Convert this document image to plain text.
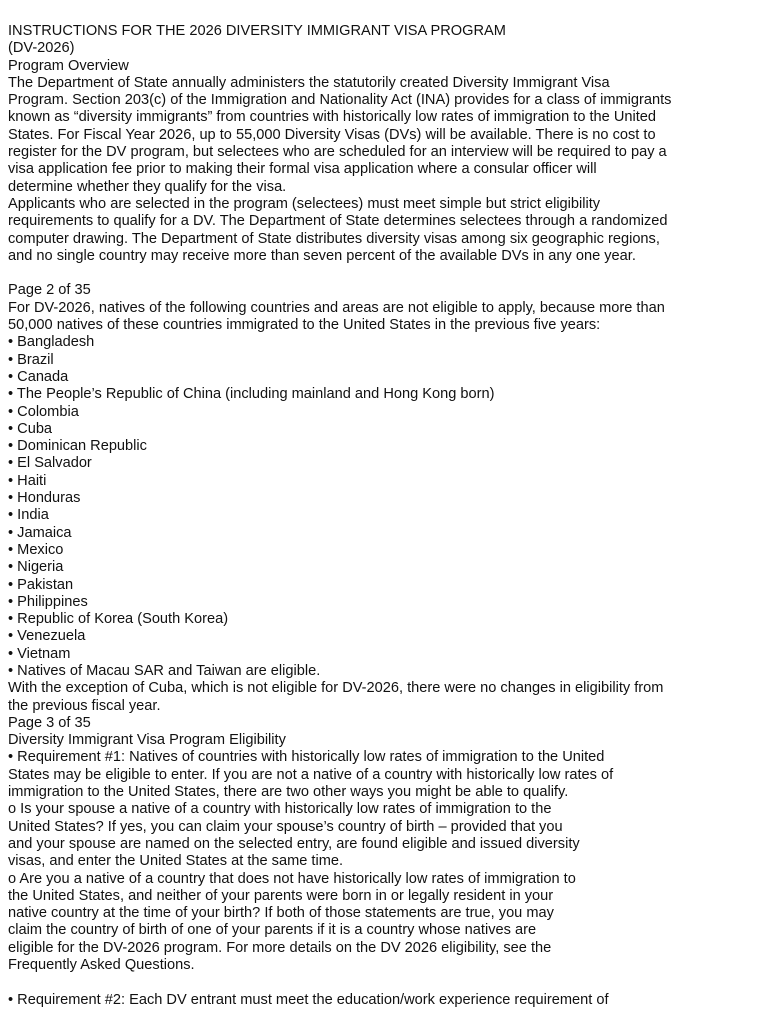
INSTRUCTIONS FOR THE 2026 DIVERSITY IMMIGRANT VISA PROGRAM
(DV-2026)
Program Overview
The Department of State annually administers the statutorily created Diversity Immigrant Visa
Program. Section 203(c) of the Immigration and Nationality Act (INA) provides for a class of immigrants
known as “diversity immigrants” from countries with historically low rates of immigration to the United
States. For Fiscal Year 2026, up to 55,000 Diversity Visas (DVs) will be available. There is no cost to
register for the DV program, but selectees who are scheduled for an interview will be required to pay a
visa application fee prior to making their formal visa application where a consular officer will
determine whether they qualify for the visa.
Applicants who are selected in the program (selectees) must meet simple but strict eligibility
requirements to qualify for a DV. The Department of State determines selectees through a randomized
computer drawing. The Department of State distributes diversity visas among six geographic regions,
and no single country may receive more than seven percent of the available DVs in any one year.
Page 2 of 35
For DV-2026, natives of the following countries and areas are not eligible to apply, because more than
50,000 natives of these countries immigrated to the United States in the previous five years:
• Bangladesh
• Brazil
• Canada
• The People’s Republic of China (including mainland and Hong Kong born)
• Colombia
• Cuba
• Dominican Republic
• El Salvador
• Haiti
• Honduras
• India
• Jamaica
• Mexico
• Nigeria
• Pakistan
• Philippines
• Republic of Korea (South Korea)
• Venezuela
• Vietnam
• Natives of Macau SAR and Taiwan are eligible.
With the exception of Cuba, which is not eligible for DV-2026, there were no changes in eligibility from
the previous fiscal year.
Page 3 of 35
Diversity Immigrant Visa Program Eligibility
• Requirement #1: Natives of countries with historically low rates of immigration to the United
States may be eligible to enter. If you are not a native of a country with historically low rates of
immigration to the United States, there are two other ways you might be able to qualify.
o Is your spouse a native of a country with historically low rates of immigration to the
United States? If yes, you can claim your spouse’s country of birth – provided that you
and your spouse are named on the selected entry, are found eligible and issued diversity
visas, and enter the United States at the same time.
o Are you a native of a country that does not have historically low rates of immigration to
the United States, and neither of your parents were born in or legally resident in your
native country at the time of your birth? If both of those statements are true, you may
claim the country of birth of one of your parents if it is a country whose natives are
eligible for the DV-2026 program. For more details on the DV 2026 eligibility, see the
Frequently Asked Questions.
• Requirement #2: Each DV entrant must meet the education/work experience requirement of
